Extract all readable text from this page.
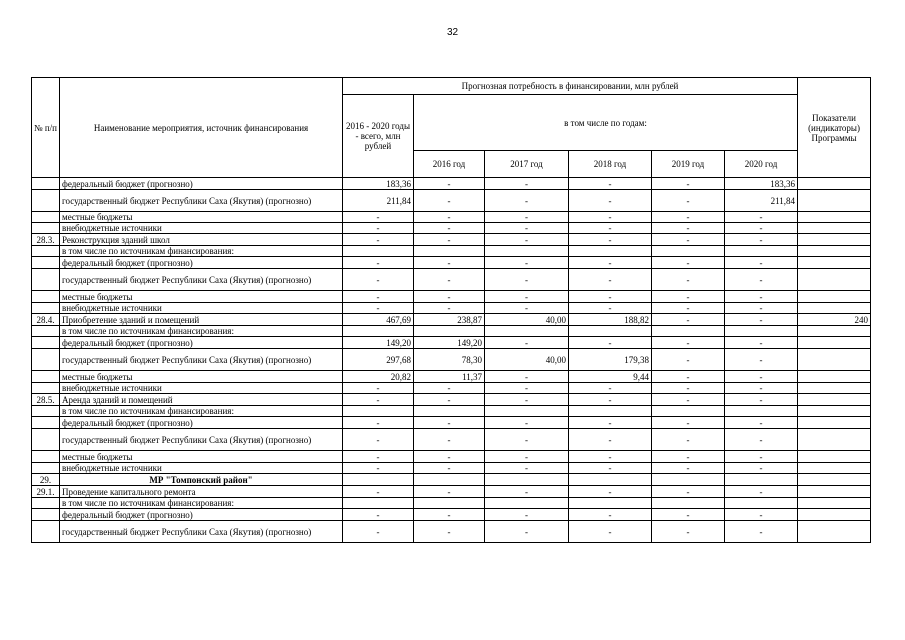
32
№ п/п	Наименование мероприятия, источник финансирования	Прогнозная потребность в финансировании, млн рублей						Показатели (индикаторы) Программы
		2016 - 2020 годы - всего, млн рублей	в том числе по годам:					
			2016 год	2017 год	2018 год	2019 год	2020 год	
	федеральный бюджет (прогнозно)	183,36	-	-	-	-	183,36	
	государственный бюджет Республики Саха (Якутия) (прогнозно)	211,84	-	-	-	-	211,84	
	местные бюджеты	-	-	-	-	-	-	
	внебюджетные источники	-	-	-	-	-	-	
28.3.	Реконструкция зданий школ	-	-	-	-	-	-	
	в том числе по источникам финансирования:							
	федеральный бюджет (прогнозно)	-	-	-	-	-	-	
	государственный бюджет Республики Саха (Якутия) (прогнозно)	-	-	-	-	-	-	
	местные бюджеты	-	-	-	-	-	-	
	внебюджетные источники	-	-	-	-	-	-	
28.4.	Приобретение зданий и помещений	467,69	238,87	40,00	188,82	-	-	240
	в том числе по источникам финансирования:							
	федеральный бюджет (прогнозно)	149,20	149,20	-	-	-	-	
	государственный бюджет Республики Саха (Якутия) (прогнозно)	297,68	78,30	40,00	179,38	-	-	
	местные бюджеты	20,82	11,37	-	9,44	-	-	
	внебюджетные источники	-	-	-	-	-	-	
28.5.	Аренда зданий и помещений	-	-	-	-	-	-	
	в том числе по источникам финансирования:							
	федеральный бюджет (прогнозно)	-	-	-	-	-	-	
	государственный бюджет Республики Саха (Якутия) (прогнозно)	-	-	-	-	-	-	
	местные бюджеты	-	-	-	-	-	-	
	внебюджетные источники	-	-	-	-	-	-	
29.	МР "Томпонский район"							
29.1.	Проведение капитального ремонта	-	-	-	-	-	-	
	в том числе по источникам финансирования:							
	федеральный бюджет (прогнозно)	-	-	-	-	-	-	
	государственный бюджет Республики Саха (Якутия) (прогнозно)	-	-	-	-	-	-	
